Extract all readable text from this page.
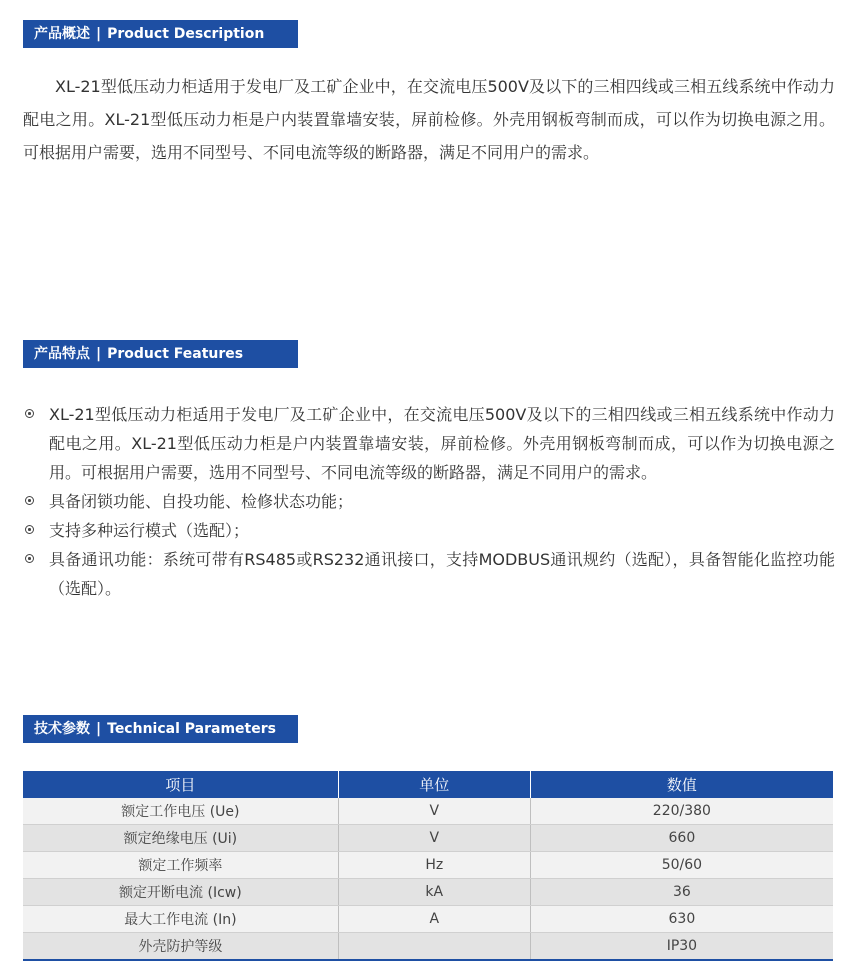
产品概述 | Product Description

XL-21型低压动力柜适用于发电厂及工矿企业中，在交流电压500V及以下的三相四线或三相五线系统中作动力配电之用。XL-21型低压动力柜是户内装置靠墙安装，屏前检修。外壳用钢板弯制而成，可以作为切换电源之用。可根据用户需要，选用不同型号、不同电流等级的断路器，满足不同用户的需求。

产品特点 | Product Features
XL-21型低压动力柜适用于发电厂及工矿企业中，在交流电压500V及以下的三相四线或三相五线系统中作动力配电之用。XL-21型低压动力柜是户内装置靠墙安装，屏前检修。外壳用钢板弯制而成，可以作为切换电源之用。可根据用户需要，选用不同型号、不同电流等级的断路器，满足不同用户的需求。
具备闭锁功能、自投功能、检修状态功能；
支持多种运行模式（选配）；
具备通讯功能：系统可带有RS485或RS232通讯接口，支持MODBUS通讯规约（选配），具备智能化监控功能（选配）。
技术参数 | Technical Parameters
项目	单位	数值
额定工作电压 (Ue)	V	220/380
额定绝缘电压 (Ui)	V	660
额定工作频率	Hz	50/60
额定开断电流 (Icw)	kA	36
最大工作电流 (In)	A	630
外壳防护等级		IP30
